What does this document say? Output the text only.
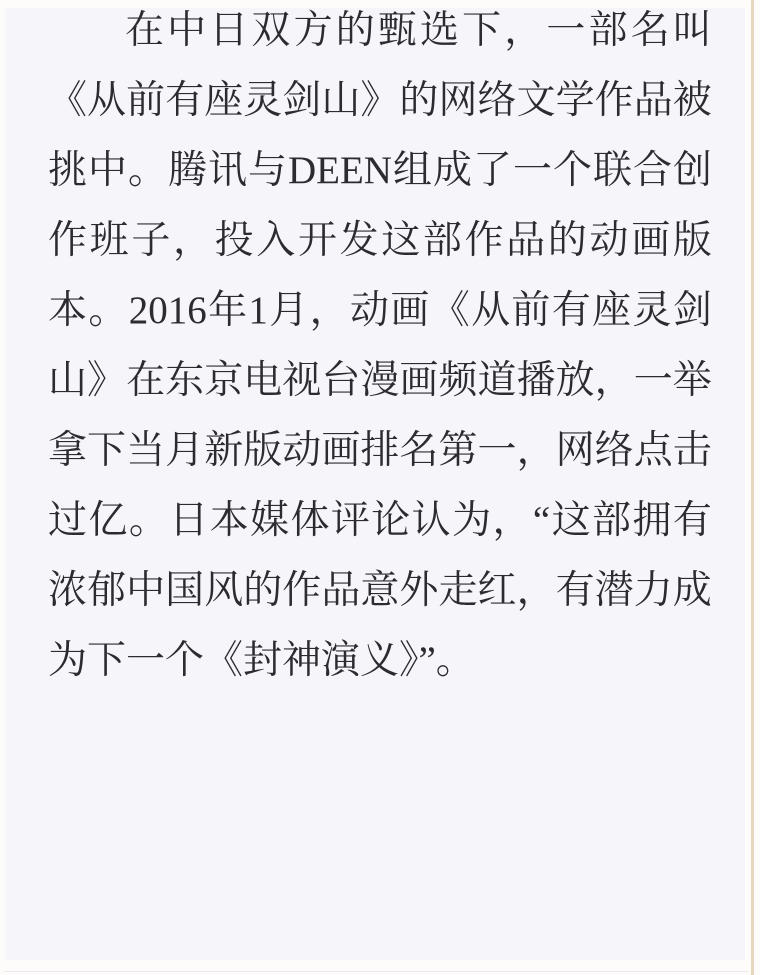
在 中 日 双 方 的 甄 选 下 ， 一 部 名 叫
《 从 前 有 座 灵 剑 山 》 的 网 络 文 学 作 品 被
挑 中 。 腾 讯 与 DEEN 组 成 了 一 个 联 合 创
作 班 子 ， 投 入 开 发 这 部 作 品 的 动 画 版
本 。 2016 年 1 月 ， 动 画 《 从 前 有 座 灵 剑
山 》 在 东 京 电 视 台 漫 画 频 道 播 放 ， 一 举
拿 下 当 月 新 版 动 画 排 名 第 一 ， 网 络 点 击
过 亿 。 日 本 媒 体 评 论 认 为 ， “ 这 部 拥 有
浓 郁 中 国 风 的 作 品 意 外 走 红 ， 有 潜 力 成
为下一个《封神演义》”。
